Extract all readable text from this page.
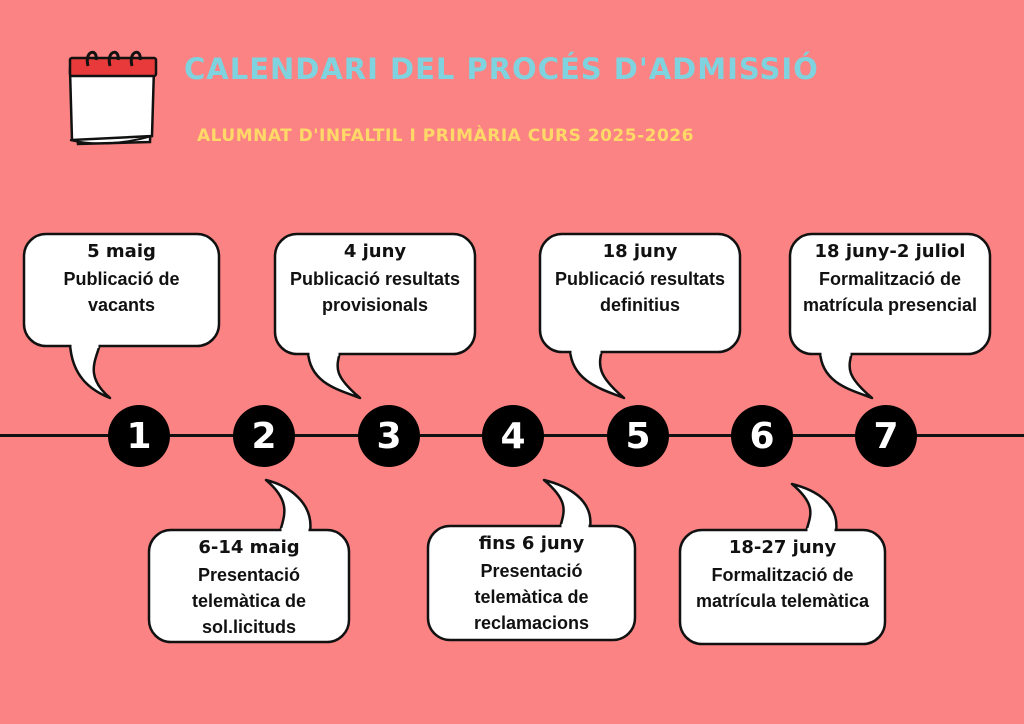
CALENDARI DEL PROCÉS D'ADMISSIÓ

ALUMNAT D'INFALTIL I PRIMÀRIA CURS 2025-2026

1	2	3	4	5	6	7
5 maig
Publicació de vacants
6-14 maig
Presentació telemàtica de sol.licituds
4 juny
Publicació resultats provisionals
fins 6 juny
Presentació telemàtica de reclamacions
18 juny
Publicació resultats definitius
18-27 juny
Formalització de matrícula telemàtica
18 juny-2 juliol
Formalització de matrícula presencial
